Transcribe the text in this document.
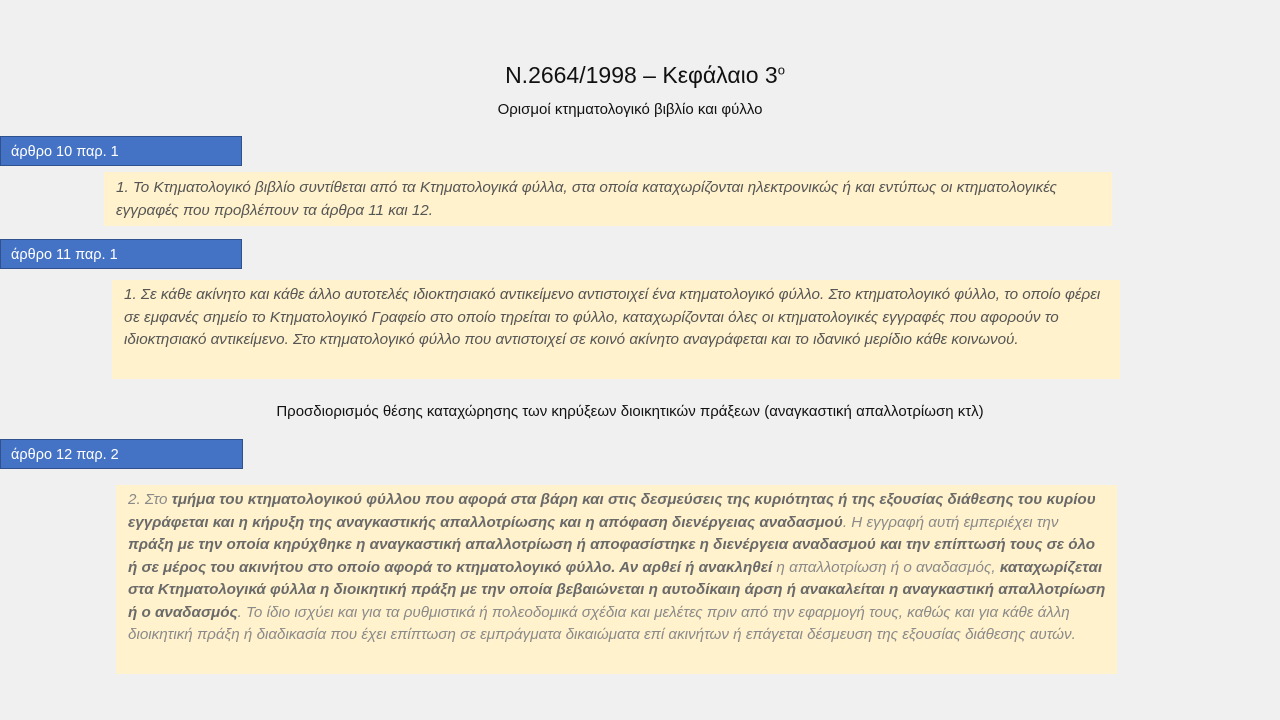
Ν.2664/1998 – Κεφάλαιο $3^o$
Ορισμοί κτηματολογικό βιβλίο και φύλλο
άρθρο 10 παρ. 1
1. Το Κτηματολογικό βιβλίο συντίθεται από τα Κτηματολογικά φύλλα, στα οποία καταχωρίζονται ηλεκτρονικώς ή και εντύπως οι κτηματολογικές εγγραφές που προβλέπουν τα άρθρα 11 και 12.
άρθρο 11 παρ. 1
1. Σε κάθε ακίνητο και κάθε άλλο αυτοτελές ιδιοκτησιακό αντικείμενο αντιστοιχεί ένα κτηματολογικό φύλλο. Στο κτηματολογικό φύλλο, το οποίο φέρει σε εμφανές σημείο το Κτηματολογικό Γραφείο στο οποίο τηρείται το φύλλο, καταχωρίζονται όλες οι κτηματολογικές εγγραφές που αφορούν το ιδιοκτησιακό αντικείμενο. Στο κτηματολογικό φύλλο που αντιστοιχεί σε κοινό ακίνητο αναγράφεται και το ιδανικό μερίδιο κάθε κοινωνού.
Προσδιορισμός θέσης καταχώρησης των κηρύξεων διοικητικών πράξεων (αναγκαστική απαλλοτρίωση κτλ)
άρθρο 12 παρ. 2
2. Στο τμήμα του κτηματολογικού φύλλου που αφορά στα βάρη και στις δεσμεύσεις της κυριότητας ή της εξουσίας διάθεσης του κυρίου εγγράφεται και η κήρυξη της αναγκαστικής απαλλοτρίωσης και η απόφαση διενέργειας αναδασμού. Η εγγραφή αυτή εμπεριέχει την πράξη με την οποία κηρύχθηκε η αναγκαστική απαλλοτρίωση ή αποφασίστηκε η διενέργεια αναδασμού και την επίπτωσή τους σε όλο ή σε μέρος του ακινήτου στο οποίο αφορά το κτηματολογικό φύλλο. Αν αρθεί ή ανακληθεί η απαλλοτρίωση ή ο αναδασμός, καταχωρίζεται στα Κτηματολογικά φύλλα η διοικητική πράξη με την οποία βεβαιώνεται η αυτοδίκαιη άρση ή ανακαλείται η αναγκαστική απαλλοτρίωση ή ο αναδασμός. Το ίδιο ισχύει και για τα ρυθμιστικά ή πολεοδομικά σχέδια και μελέτες πριν από την εφαρμογή τους, καθώς και για κάθε άλλη διοικητική πράξη ή διαδικασία που έχει επίπτωση σε εμπράγματα δικαιώματα επί ακινήτων ή επάγεται δέσμευση της εξουσίας διάθεσης αυτών.
